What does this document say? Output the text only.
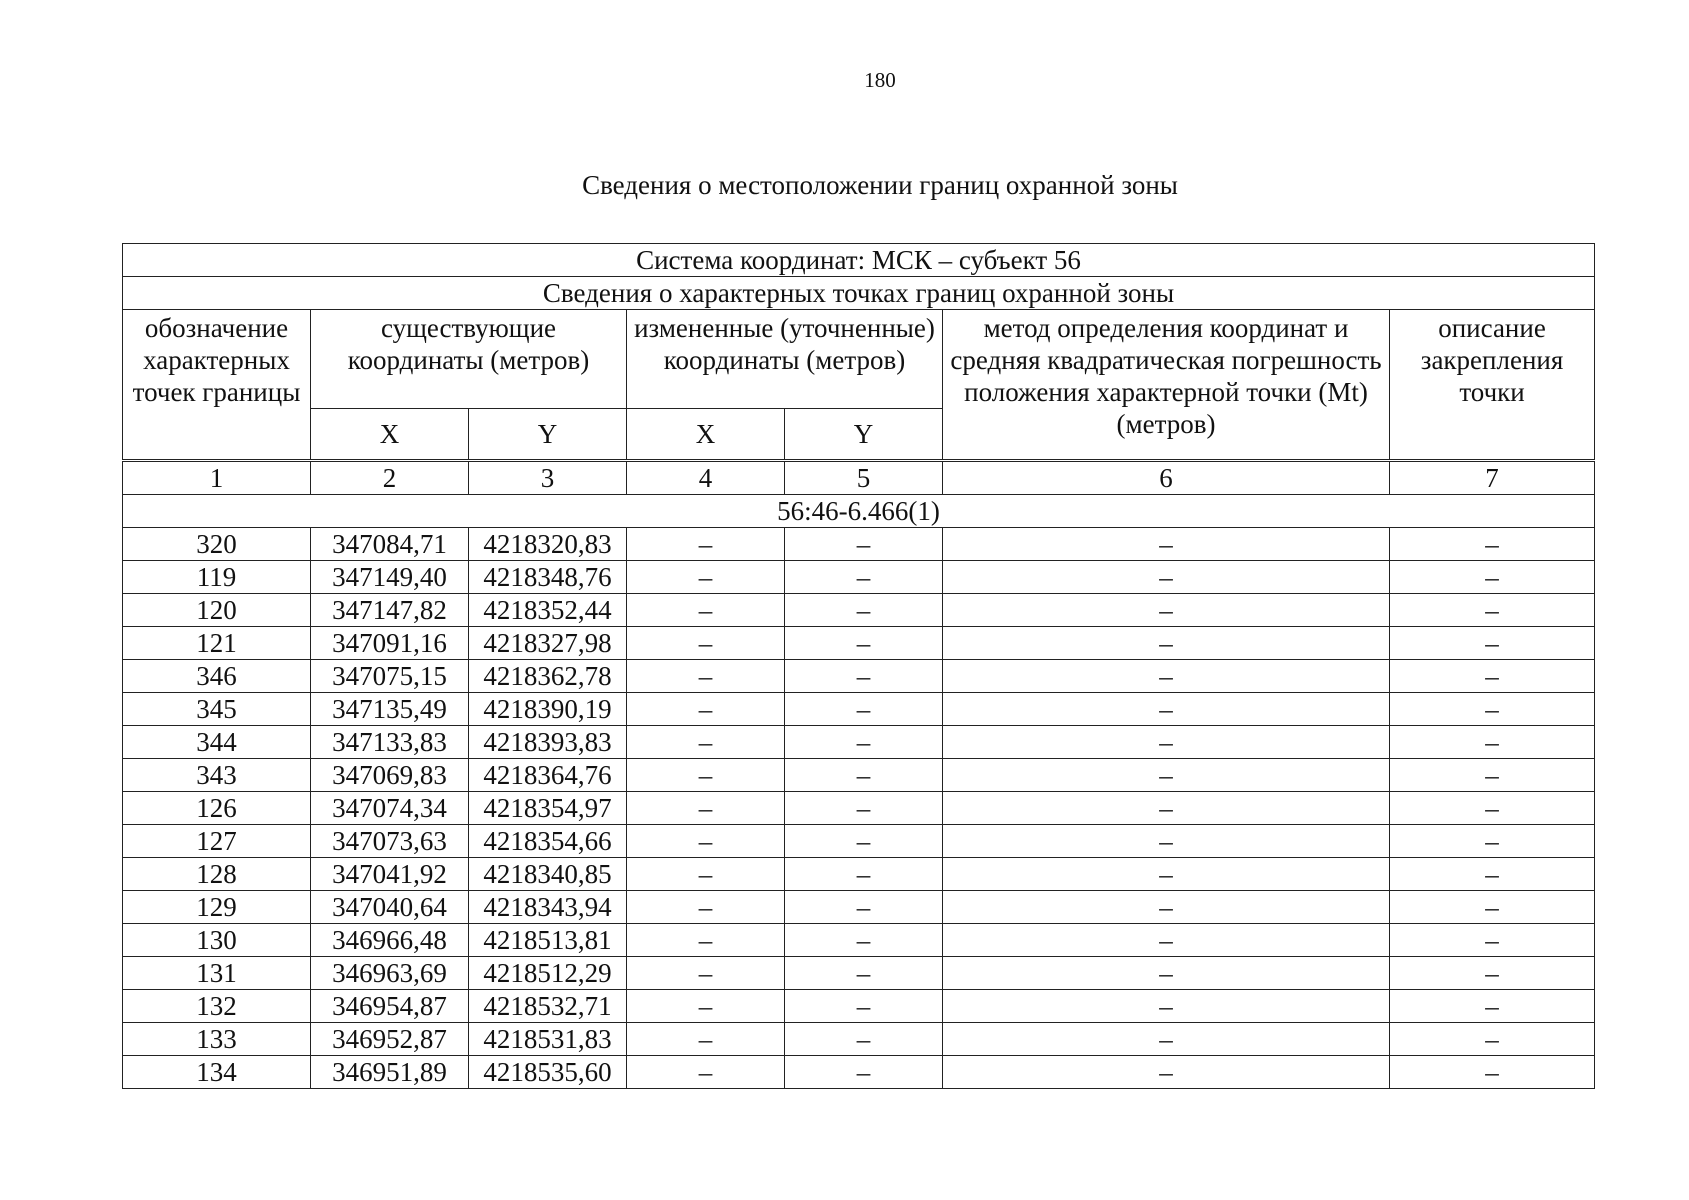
180
Сведения о местоположении границ охранной зоны
Система координат: МСК – субъект 56						
Сведения о характерных точках границ охранной зоны						
обозначение характерных точек границы	существующие координаты (метров)		измененные (уточненные) координаты (метров)		метод определения координат и средняя квадратическая погрешность положения характерной точки (Mt) (метров)	описание закрепления точки
	X	Y	X	Y		
1	2	3	4	5	6	7
56:46-6.466(1)						
320	347084,71	4218320,83	–	–	–	–
119	347149,40	4218348,76	–	–	–	–
120	347147,82	4218352,44	–	–	–	–
121	347091,16	4218327,98	–	–	–	–
346	347075,15	4218362,78	–	–	–	–
345	347135,49	4218390,19	–	–	–	–
344	347133,83	4218393,83	–	–	–	–
343	347069,83	4218364,76	–	–	–	–
126	347074,34	4218354,97	–	–	–	–
127	347073,63	4218354,66	–	–	–	–
128	347041,92	4218340,85	–	–	–	–
129	347040,64	4218343,94	–	–	–	–
130	346966,48	4218513,81	–	–	–	–
131	346963,69	4218512,29	–	–	–	–
132	346954,87	4218532,71	–	–	–	–
133	346952,87	4218531,83	–	–	–	–
134	346951,89	4218535,60	–	–	–	–
